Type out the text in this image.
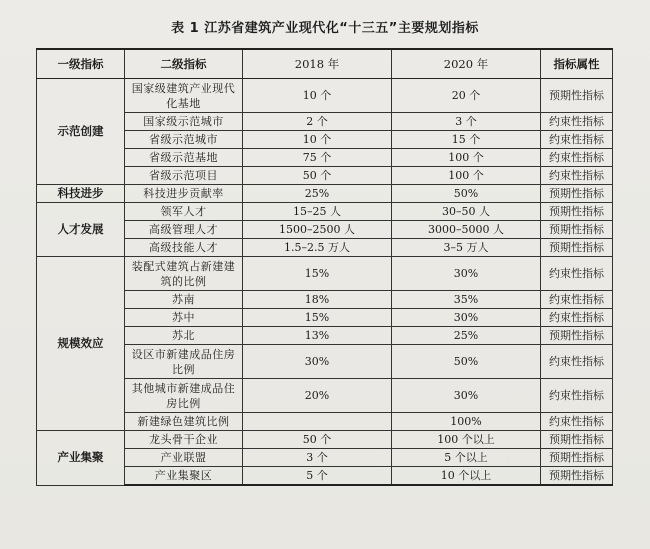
表 1 江苏省建筑产业现代化“十三五”主要规划指标
一级指标	二级指标	2018 年	2020 年	指标属性
示范创建	国家级建筑产业现代化基地	10 个	20 个	预期性指标
	国家级示范城市	2 个	3 个	约束性指标
	省级示范城市	10 个	15 个	约束性指标
	省级示范基地	75 个	100 个	约束性指标
	省级示范项目	50 个	100 个	约束性指标
科技进步	科技进步贡献率	25%	50%	预期性指标
人才发展	领军人才	15–25 人	30–50 人	预期性指标
	高级管理人才	1500–2500 人	3000–5000 人	预期性指标
	高级技能人才	1.5–2.5 万人	3–5 万人	预期性指标
规模效应	装配式建筑占新建建筑的比例	15%	30%	约束性指标
	苏南	18%	35%	约束性指标
	苏中	15%	30%	约束性指标
	苏北	13%	25%	预期性指标
	设区市新建成品住房比例	30%	50%	约束性指标
	其他城市新建成品住房比例	20%	30%	约束性指标
	新建绿色建筑比例		100%	约束性指标
产业集聚	龙头骨干企业	50 个	100 个以上	预期性指标
	产业联盟	3 个	5 个以上	预期性指标
	产业集聚区	5 个	10 个以上	预期性指标
